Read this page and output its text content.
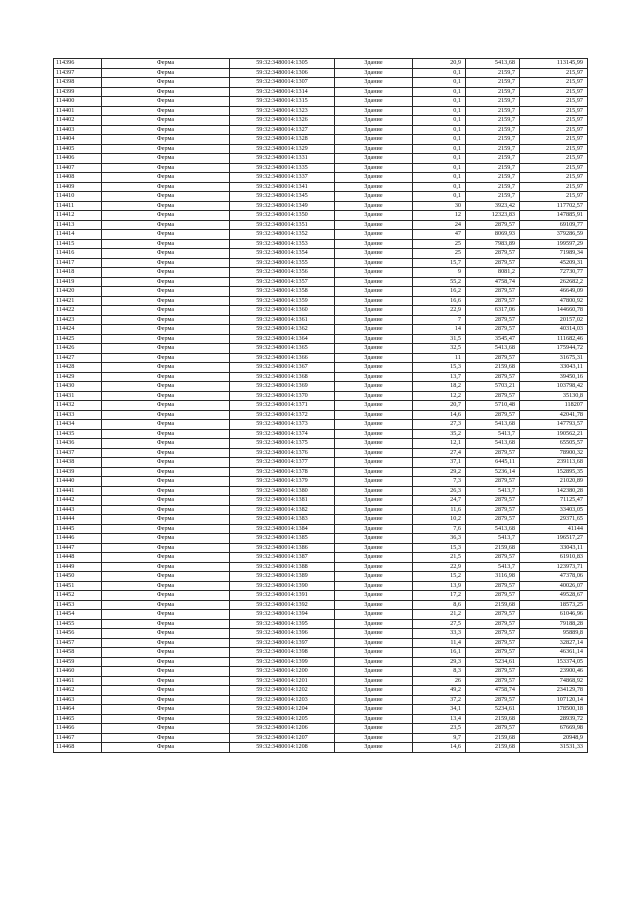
114396	Ферма	59:32:3480014:1305	Здание	20,9	5413,68	113145,99
114397	Ферма	59:32:3480014:1306	Здание	0,1	2159,7	215,97
114398	Ферма	59:32:3480014:1307	Здание	0,1	2159,7	215,97
114399	Ферма	59:32:3480014:1314	Здание	0,1	2159,7	215,97
114400	Ферма	59:32:3480014:1315	Здание	0,1	2159,7	215,97
114401	Ферма	59:32:3480014:1323	Здание	0,1	2159,7	215,97
114402	Ферма	59:32:3480014:1326	Здание	0,1	2159,7	215,97
114403	Ферма	59:32:3480014:1327	Здание	0,1	2159,7	215,97
114404	Ферма	59:32:3480014:1328	Здание	0,1	2159,7	215,97
114405	Ферма	59:32:3480014:1329	Здание	0,1	2159,7	215,97
114406	Ферма	59:32:3480014:1331	Здание	0,1	2159,7	215,97
114407	Ферма	59:32:3480014:1335	Здание	0,1	2159,7	215,97
114408	Ферма	59:32:3480014:1337	Здание	0,1	2159,7	215,97
114409	Ферма	59:32:3480014:1341	Здание	0,1	2159,7	215,97
114410	Ферма	59:32:3480014:1345	Здание	0,1	2159,7	215,97
114411	Ферма	59:32:3480014:1349	Здание	30	3923,42	117702,57
114412	Ферма	59:32:3480014:1350	Здание	12	12323,83	147885,91
114413	Ферма	59:32:3480014:1351	Здание	24	2879,57	69109,77
114414	Ферма	59:32:3480014:1352	Здание	47	8069,93	379286,59
114415	Ферма	59:32:3480014:1353	Здание	25	7983,89	199597,29
114416	Ферма	59:32:3480014:1354	Здание	25	2879,57	71989,34
114417	Ферма	59:32:3480014:1355	Здание	15,7	2879,57	45209,31
114418	Ферма	59:32:3480014:1356	Здание	9	8081,2	72730,77
114419	Ферма	59:32:3480014:1357	Здание	55,2	4758,74	262682,2
114420	Ферма	59:32:3480014:1358	Здание	16,2	2879,57	46649,09
114421	Ферма	59:32:3480014:1359	Здание	16,6	2879,57	47800,92
114422	Ферма	59:32:3480014:1360	Здание	22,9	6317,06	144660,78
114423	Ферма	59:32:3480014:1361	Здание	7	2879,57	20157,02
114424	Ферма	59:32:3480014:1362	Здание	14	2879,57	40314,03
114425	Ферма	59:32:3480014:1364	Здание	31,5	3545,47	111682,46
114426	Ферма	59:32:3480014:1365	Здание	32,5	5413,68	175944,72
114427	Ферма	59:32:3480014:1366	Здание	11	2879,57	31675,31
114428	Ферма	59:32:3480014:1367	Здание	15,3	2159,68	33043,11
114429	Ферма	59:32:3480014:1368	Здание	13,7	2879,57	39450,16
114430	Ферма	59:32:3480014:1369	Здание	18,2	5703,21	103798,42
114431	Ферма	59:32:3480014:1370	Здание	12,2	2879,57	35130,8
114432	Ферма	59:32:3480014:1371	Здание	20,7	5710,48	118207
114433	Ферма	59:32:3480014:1372	Здание	14,6	2879,57	42041,78
114434	Ферма	59:32:3480014:1373	Здание	27,3	5413,68	147793,57
114435	Ферма	59:32:3480014:1374	Здание	35,2	5413,7	190562,21
114436	Ферма	59:32:3480014:1375	Здание	12,1	5413,68	65505,57
114437	Ферма	59:32:3480014:1376	Здание	27,4	2879,57	78900,32
114438	Ферма	59:32:3480014:1377	Здание	37,1	6445,11	239113,68
114439	Ферма	59:32:3480014:1378	Здание	29,2	5236,14	152895,35
114440	Ферма	59:32:3480014:1379	Здание	7,3	2879,57	21020,89
114441	Ферма	59:32:3480014:1380	Здание	26,3	5413,7	142380,28
114442	Ферма	59:32:3480014:1381	Здание	24,7	2879,57	71125,47
114443	Ферма	59:32:3480014:1382	Здание	11,6	2879,57	33403,05
114444	Ферма	59:32:3480014:1383	Здание	10,2	2879,57	29371,65
114445	Ферма	59:32:3480014:1384	Здание	7,6	5413,68	41144
114446	Ферма	59:32:3480014:1385	Здание	36,3	5413,7	196517,27
114447	Ферма	59:32:3480014:1386	Здание	15,3	2159,68	33043,11
114448	Ферма	59:32:3480014:1387	Здание	21,5	2879,57	61910,83
114449	Ферма	59:32:3480014:1388	Здание	22,9	5413,7	123973,71
114450	Ферма	59:32:3480014:1389	Здание	15,2	3116,98	47378,06
114451	Ферма	59:32:3480014:1390	Здание	13,9	2879,57	40026,07
114452	Ферма	59:32:3480014:1391	Здание	17,2	2879,57	49528,67
114453	Ферма	59:32:3480014:1392	Здание	8,6	2159,68	18573,25
114454	Ферма	59:32:3480014:1394	Здание	21,2	2879,57	61046,96
114455	Ферма	59:32:3480014:1395	Здание	27,5	2879,57	79188,28
114456	Ферма	59:32:3480014:1396	Здание	33,3	2879,57	95889,8
114457	Ферма	59:32:3480014:1397	Здание	11,4	2879,57	32827,14
114458	Ферма	59:32:3480014:1398	Здание	16,1	2879,57	46361,14
114459	Ферма	59:32:3480014:1399	Здание	29,3	5234,61	153374,05
114460	Ферма	59:32:3480014:1200	Здание	8,3	2879,57	23900,46
114461	Ферма	59:32:3480014:1201	Здание	26	2879,57	74868,92
114462	Ферма	59:32:3480014:1202	Здание	49,2	4758,74	234129,78
114463	Ферма	59:32:3480014:1203	Здание	37,2	2879,57	107120,14
114464	Ферма	59:32:3480014:1204	Здание	34,1	5234,61	178500,18
114465	Ферма	59:32:3480014:1205	Здание	13,4	2159,68	28939,72
114466	Ферма	59:32:3480014:1206	Здание	23,5	2879,57	67669,98
114467	Ферма	59:32:3480014:1207	Здание	9,7	2159,68	20948,9
114468	Ферма	59:32:3480014:1208	Здание	14,6	2159,68	31531,33
